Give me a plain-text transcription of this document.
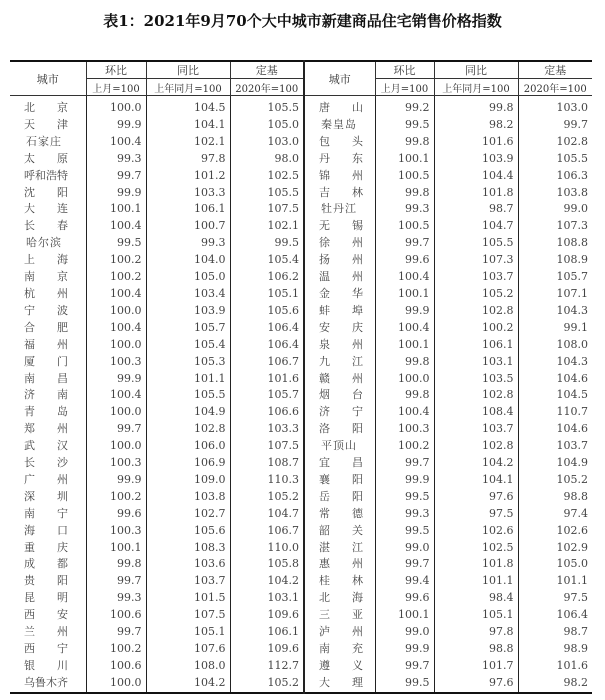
表1：2021年9月70个大中城市新建商品住宅销售价格指数
城市	环比	同比	定基	城市	环比	同比	定基
	上月=100	上年同月=100	2020年=100		上月=100	上年同月=100	2020年=100

北 京	100.0	104.5	105.5	唐 山	99.2	99.8	103.0

天 津	99.9	104.1	105.0	秦皇岛	99.5	98.2	99.7
石家庄	100.4	102.1	103.0	包 头	99.8	101.6	102.8

太 原	99.3	97.8	98.0	丹 东	100.1	103.9	105.5
呼和浩特	99.7	101.2	102.5	锦 州	100.5	104.4	106.3

沈 阳	99.9	103.3	105.5	吉 林	99.8	101.8	103.8

大 连	100.1	106.1	107.5	牡丹江	99.3	98.7	99.0

长 春	100.4	100.7	102.1	无 锡	100.5	104.7	107.3
哈尔滨	99.5	99.3	99.5	徐 州	99.7	105.5	108.8

上 海	100.2	104.0	105.4	扬 州	99.6	107.3	108.9

南 京	100.2	105.0	106.2	温 州	100.4	103.7	105.7

杭 州	100.4	103.4	105.1	金 华	100.1	105.2	107.1

宁 波	100.0	103.9	105.6	蚌 埠	99.9	102.8	104.3

合 肥	100.4	105.7	106.4	安 庆	100.4	100.2	99.1

福 州	100.0	105.4	106.4	泉 州	100.1	106.1	108.0

厦 门	100.3	105.3	106.7	九 江	99.8	103.1	104.3

南 昌	99.9	101.1	101.6	赣 州	100.0	103.5	104.6

济 南	100.4	105.5	105.7	烟 台	99.8	102.8	104.5

青 岛	100.0	104.9	106.6	济 宁	100.4	108.4	110.7

郑 州	99.7	102.8	103.3	洛 阳	100.3	103.7	104.6

武 汉	100.0	106.0	107.5	平顶山	100.2	102.8	103.7

长 沙	100.3	106.9	108.7	宜 昌	99.7	104.2	104.9

广 州	99.9	109.0	110.3	襄 阳	99.9	104.1	105.2

深 圳	100.2	103.8	105.2	岳 阳	99.5	97.6	98.8

南 宁	99.6	102.7	104.7	常 德	99.3	97.5	97.4

海 口	100.3	105.6	106.7	韶 关	99.5	102.6	102.6

重 庆	100.1	108.3	110.0	湛 江	99.0	102.5	102.9

成 都	99.8	103.6	105.8	惠 州	99.7	101.8	105.0

贵 阳	99.7	103.7	104.2	桂 林	99.4	101.1	101.1

昆 明	99.3	101.5	103.1	北 海	99.6	98.4	97.5

西 安	100.6	107.5	109.6	三 亚	100.1	105.1	106.4

兰 州	99.7	105.1	106.1	泸 州	99.0	97.8	98.7

西 宁	100.2	107.6	109.6	南 充	99.9	98.8	98.9

银 川	100.6	108.0	112.7	遵 义	99.7	101.7	101.6
乌鲁木齐	100.0	104.2	105.2	大 理	99.5	97.6	98.2
